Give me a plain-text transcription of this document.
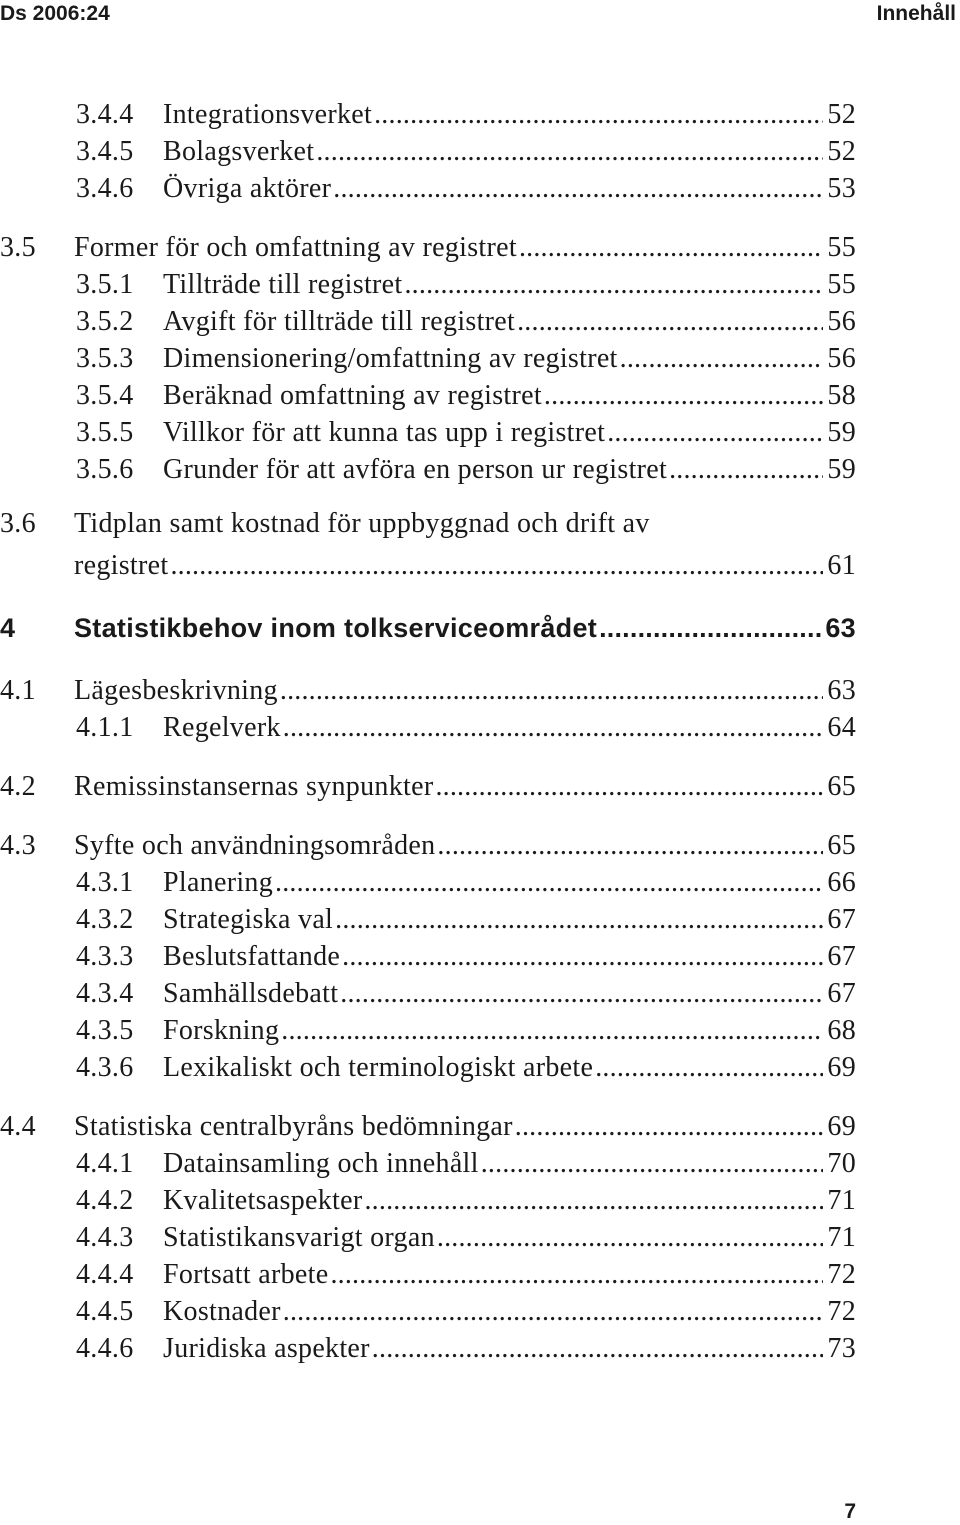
Ds 2006:24	Innehåll
3.4.4 Integrationsverket .....	52
3.4.5 Bolagsverket .....	52
3.4.6 Övriga aktörer .....	53
3.5 Former för och omfattning av registret .....	55
3.5.1 Tillträde till registret .....	55
3.5.2 Avgift för tillträde till registret .....	56
3.5.3 Dimensionering/omfattning av registret .....	56
3.5.4 Beräknad omfattning av registret .....	58
3.5.5 Villkor för att kunna tas upp i registret .....	59
3.5.6 Grunder för att avföra en person ur registret .....	59
3.6 Tidplan samt kostnad för uppbyggnad och drift av
registret .....	61
4 Statistikbehov inom tolkserviceområdet .....	63
4.1 Lägesbeskrivning .....	63
4.1.1 Regelverk .....	64
4.2 Remissinstansernas synpunkter .....	65
4.3 Syfte och användningsområden .....	65
4.3.1 Planering .....	66
4.3.2 Strategiska val .....	67
4.3.3 Beslutsfattande .....	67
4.3.4 Samhällsdebatt .....	67
4.3.5 Forskning .....	68
4.3.6 Lexikaliskt och terminologiskt arbete .....	69
4.4 Statistiska centralbyråns bedömningar .....	69
4.4.1 Datainsamling och innehåll .....	70
4.4.2 Kvalitetsaspekter .....	71
4.4.3 Statistikansvarigt organ .....	71
4.4.4 Fortsatt arbete .....	72
4.4.5 Kostnader .....	72
4.4.6 Juridiska aspekter .....	73
7
